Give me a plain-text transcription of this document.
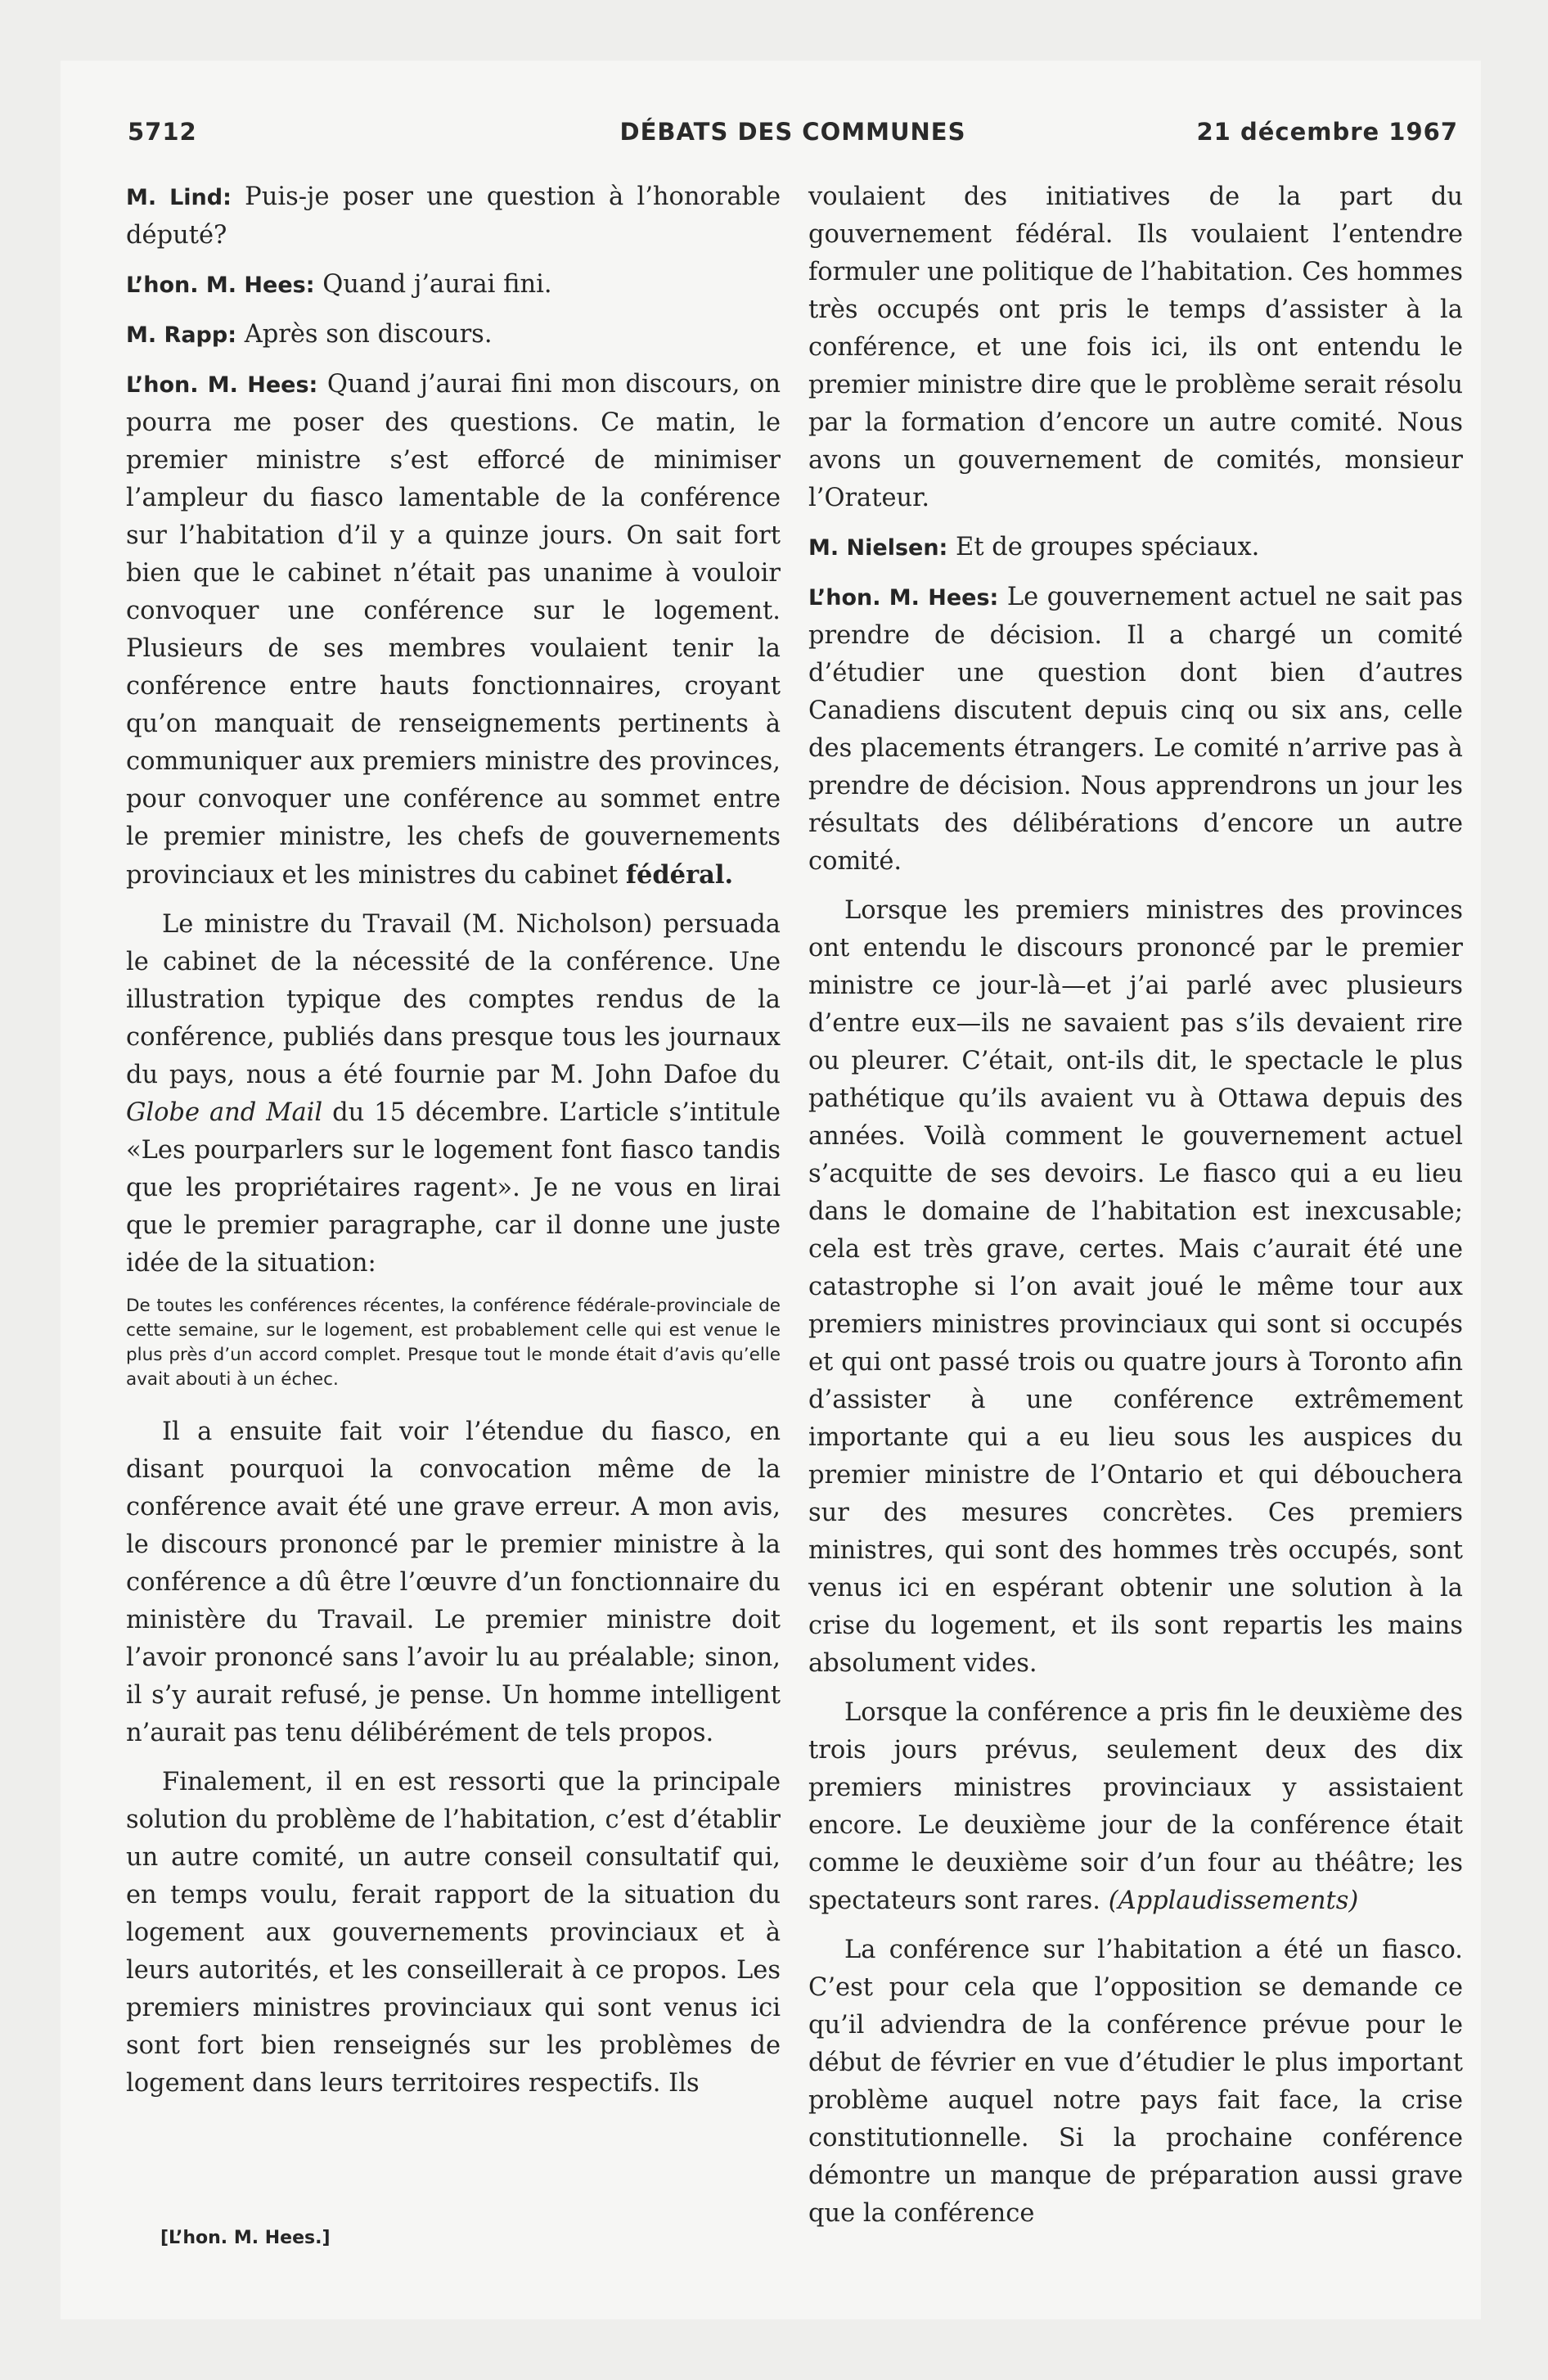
5712	DÉBATS DES COMMUNES	21 décembre 1967

M. Lind: Puis-je poser une question à l’honorable député?

L’hon. M. Hees: Quand j’aurai fini.

M. Rapp: Après son discours.

L’hon. M. Hees: Quand j’aurai fini mon discours, on pourra me poser des questions. Ce matin, le premier ministre s’est efforcé de minimiser l’ampleur du fiasco lamentable de la conférence sur l’habitation d’il y a quinze jours. On sait fort bien que le cabinet n’était pas unanime à vouloir convoquer une conférence sur le logement. Plusieurs de ses membres voulaient tenir la conférence entre hauts fonctionnaires, croyant qu’on manquait de renseignements pertinents à communiquer aux premiers ministre des provinces, pour convoquer une conférence au sommet entre le premier ministre, les chefs de gouvernements provinciaux et les ministres du cabinet fédéral.

Le ministre du Travail (M. Nicholson) persuada le cabinet de la nécessité de la conférence. Une illustration typique des comptes rendus de la conférence, publiés dans presque tous les journaux du pays, nous a été fournie par M. John Dafoe du Globe and Mail du 15 décembre. L’article s’intitule «Les pourparlers sur le logement font fiasco tandis que les propriétaires ragent». Je ne vous en lirai que le premier paragraphe, car il donne une juste idée de la situation:

De toutes les conférences récentes, la conférence fédérale-provinciale de cette semaine, sur le logement, est probablement celle qui est venue le plus près d’un accord complet. Presque tout le monde était d’avis qu’elle avait abouti à un échec.

Il a ensuite fait voir l’étendue du fiasco, en disant pourquoi la convocation même de la conférence avait été une grave erreur. A mon avis, le discours prononcé par le premier ministre à la conférence a dû être l’œuvre d’un fonctionnaire du ministère du Travail. Le premier ministre doit l’avoir prononcé sans l’avoir lu au préalable; sinon, il s’y aurait refusé, je pense. Un homme intelligent n’aurait pas tenu délibérément de tels propos.

Finalement, il en est ressorti que la principale solution du problème de l’habitation, c’est d’établir un autre comité, un autre conseil consultatif qui, en temps voulu, ferait rapport de la situation du logement aux gouvernements provinciaux et à leurs autorités, et les conseillerait à ce propos. Les premiers ministres provinciaux qui sont venus ici sont fort bien renseignés sur les problèmes de logement dans leurs territoires respectifs. Ils

voulaient des initiatives de la part du gouvernement fédéral. Ils voulaient l’entendre formuler une politique de l’habitation. Ces hommes très occupés ont pris le temps d’assister à la conférence, et une fois ici, ils ont entendu le premier ministre dire que le problème serait résolu par la formation d’encore un autre comité. Nous avons un gouvernement de comités, monsieur l’Orateur.

M. Nielsen: Et de groupes spéciaux.

L’hon. M. Hees: Le gouvernement actuel ne sait pas prendre de décision. Il a chargé un comité d’étudier une question dont bien d’autres Canadiens discutent depuis cinq ou six ans, celle des placements étrangers. Le comité n’arrive pas à prendre de décision. Nous apprendrons un jour les résultats des délibérations d’encore un autre comité.

Lorsque les premiers ministres des provinces ont entendu le discours prononcé par le premier ministre ce jour-là—et j’ai parlé avec plusieurs d’entre eux—ils ne savaient pas s’ils devaient rire ou pleurer. C’était, ont-ils dit, le spectacle le plus pathétique qu’ils avaient vu à Ottawa depuis des années. Voilà comment le gouvernement actuel s’acquitte de ses devoirs. Le fiasco qui a eu lieu dans le domaine de l’habitation est inexcusable; cela est très grave, certes. Mais c’aurait été une catastrophe si l’on avait joué le même tour aux premiers ministres provinciaux qui sont si occupés et qui ont passé trois ou quatre jours à Toronto afin d’assister à une conférence extrêmement importante qui a eu lieu sous les auspices du premier ministre de l’Ontario et qui débouchera sur des mesures concrètes. Ces premiers ministres, qui sont des hommes très occupés, sont venus ici en espérant obtenir une solution à la crise du logement, et ils sont repartis les mains absolument vides.

Lorsque la conférence a pris fin le deuxième des trois jours prévus, seulement deux des dix premiers ministres provinciaux y assistaient encore. Le deuxième jour de la conférence était comme le deuxième soir d’un four au théâtre; les spectateurs sont rares. (Applaudissements)

La conférence sur l’habitation a été un fiasco. C’est pour cela que l’opposition se demande ce qu’il adviendra de la conférence prévue pour le début de février en vue d’étudier le plus important problème auquel notre pays fait face, la crise constitutionnelle. Si la prochaine conférence démontre un manque de préparation aussi grave que la conférence

[L’hon. M. Hees.]
